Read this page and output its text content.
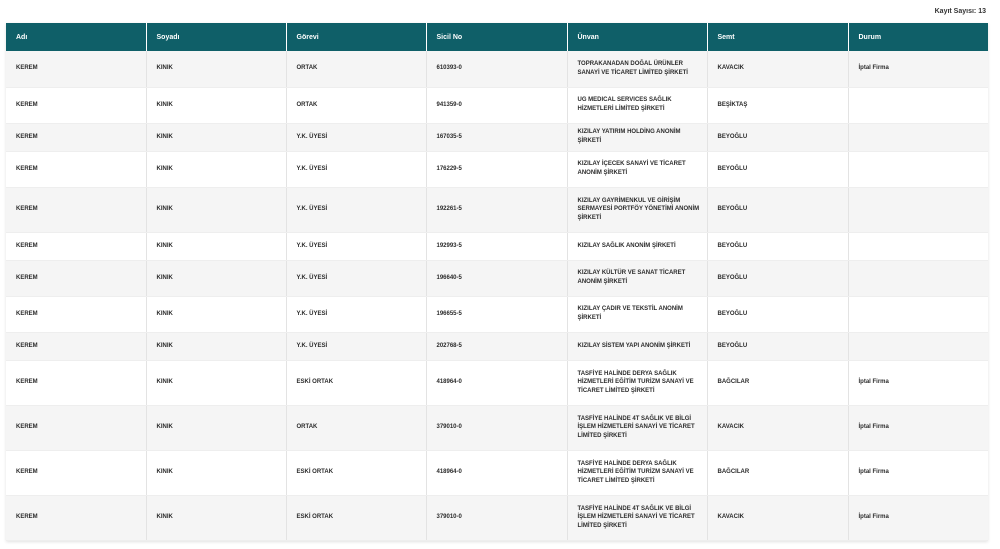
Kayıt Sayısı: 13
Adı	Soyadı	Görevi	Sicil No	Ünvan	Semt	Durum
KEREM	KINIK	ORTAK	610393-0	TOPRAKANADAN DOĞAL ÜRÜNLER SANAYİ VE TİCARET LİMİTED ŞİRKETİ	KAVACIK	İptal Firma
KEREM	KINIK	ORTAK	941359-0	UG MEDICAL SERVICES SAĞLIK HİZMETLERİ LİMİTED ŞİRKETİ	BEŞİKTAŞ	
KEREM	KINIK	Y.K. ÜYESİ	167035-5	KIZILAY YATIRIM HOLDİNG ANONİM ŞİRKETİ	BEYOĞLU	
KEREM	KINIK	Y.K. ÜYESİ	176229-5	KIZILAY İÇECEK SANAYİ VE TİCARET ANONİM ŞİRKETİ	BEYOĞLU	
KEREM	KINIK	Y.K. ÜYESİ	192261-5	KIZILAY GAYRİMENKUL VE GİRİŞİM SERMAYESİ PORTFÖY YÖNETİMİ ANONİM ŞİRKETİ	BEYOĞLU	
KEREM	KINIK	Y.K. ÜYESİ	192993-5	KIZILAY SAĞLIK ANONİM ŞİRKETİ	BEYOĞLU	
KEREM	KINIK	Y.K. ÜYESİ	196640-5	KIZILAY KÜLTÜR VE SANAT TİCARET ANONİM ŞİRKETİ	BEYOĞLU	
KEREM	KINIK	Y.K. ÜYESİ	196655-5	KIZILAY ÇADIR VE TEKSTİL ANONİM ŞİRKETİ	BEYOĞLU	
KEREM	KINIK	Y.K. ÜYESİ	202768-5	KIZILAY SİSTEM YAPI ANONİM ŞİRKETİ	BEYOĞLU	
KEREM	KINIK	ESKİ ORTAK	418964-0	TASFİYE HALİNDE DERYA SAĞLIK HİZMETLERİ EĞİTİM TURİZM SANAYİ VE TİCARET LİMİTED ŞİRKETİ	BAĞCILAR	İptal Firma
KEREM	KINIK	ORTAK	379010-0	TASFİYE HALİNDE 4T SAĞLIK VE BİLGİ İŞLEM HİZMETLERİ SANAYİ VE TİCARET LİMİTED ŞİRKETİ	KAVACIK	İptal Firma
KEREM	KINIK	ESKİ ORTAK	418964-0	TASFİYE HALİNDE DERYA SAĞLIK HİZMETLERİ EĞİTİM TURİZM SANAYİ VE TİCARET LİMİTED ŞİRKETİ	BAĞCILAR	İptal Firma
KEREM	KINIK	ESKİ ORTAK	379010-0	TASFİYE HALİNDE 4T SAĞLIK VE BİLGİ İŞLEM HİZMETLERİ SANAYİ VE TİCARET LİMİTED ŞİRKETİ	KAVACIK	İptal Firma
